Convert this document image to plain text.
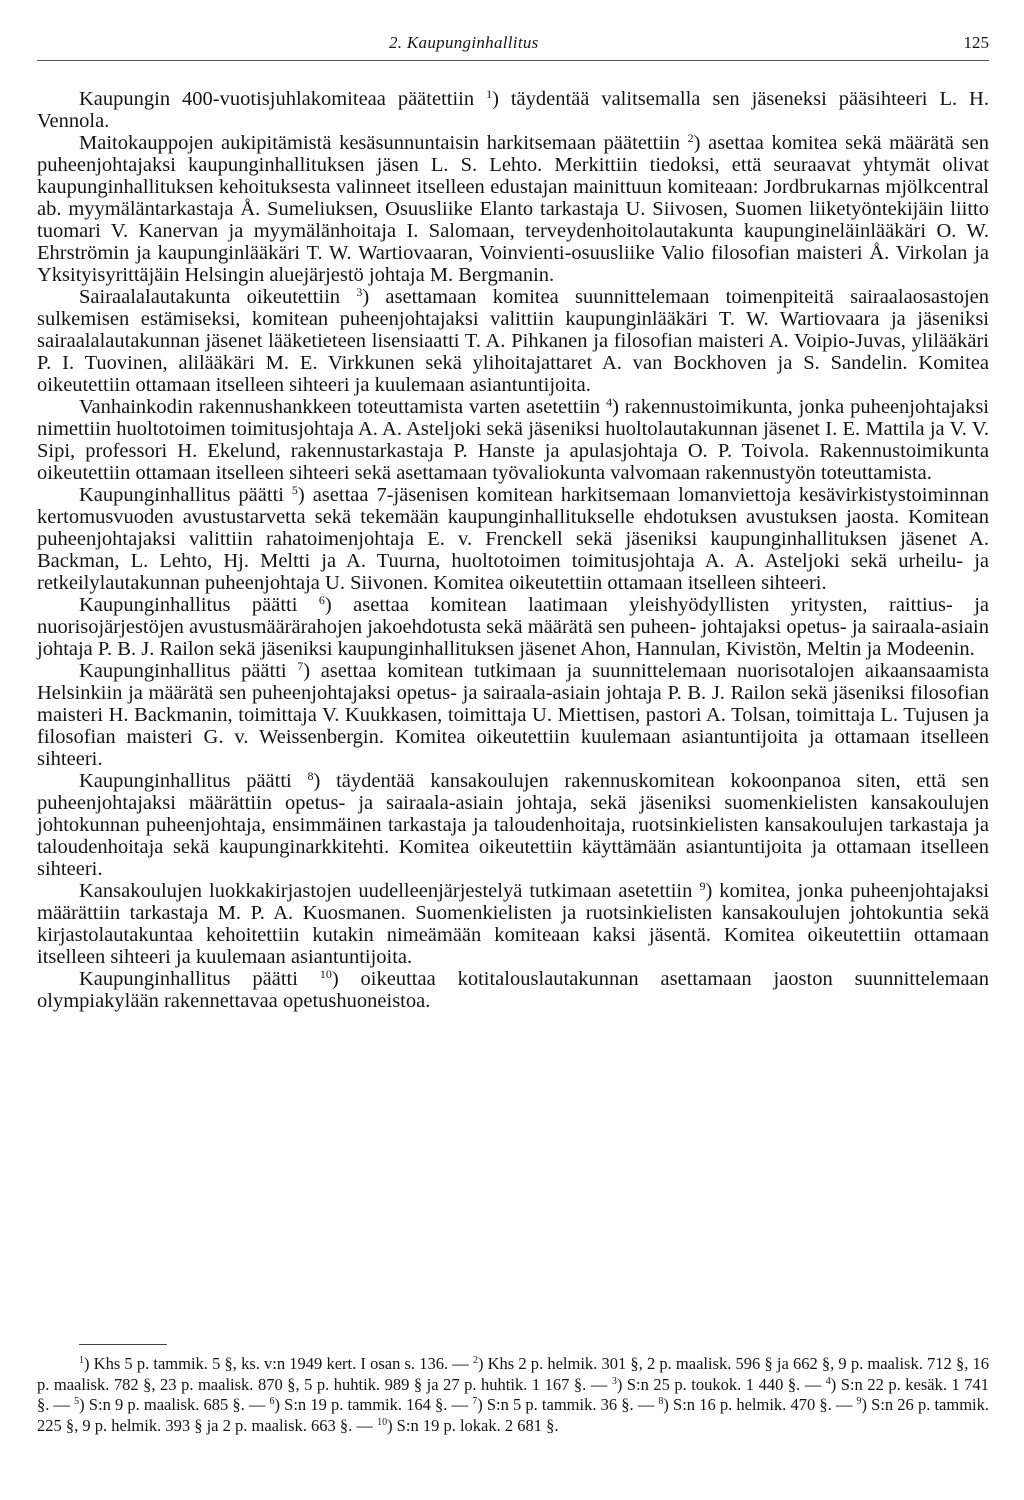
2. Kaupunginhallitus	125

Kaupungin 400-vuotisjuhlakomiteaa päätettiin $^1$) täydentää valitsemalla sen jäseneksi pääsihteeri L. H. Vennola.

Maitokauppojen aukipitämistä kesäsunnuntaisin harkitsemaan päätettiin $^2$) asettaa komitea sekä määrätä sen puheenjohtajaksi kaupunginhallituksen jäsen L. S. Lehto. Merkittiin tiedoksi, että seuraavat yhtymät olivat kaupunginhallituksen kehoituksesta valinneet itselleen edustajan mainittuun komiteaan: Jordbrukarnas mjölkcentral ab. myymäläntarkastaja Å. Sumeliuksen, Osuusliike Elanto tarkastaja U. Siivosen, Suomen liiketyöntekijäin liitto tuomari V. Kanervan ja myymälänhoitaja I. Salomaan, terveydenhoitolautakunta kaupungineläinlääkäri O. W. Ehrströmin ja kaupunginlääkäri T. W. Wartiovaaran, Voinvienti-osuusliike Valio filosofian maisteri Å. Virkolan ja Yksityisyrittäjäin Helsingin aluejärjestö johtaja M. Bergmanin.

Sairaalalautakunta oikeutettiin $^3$) asettamaan komitea suunnittelemaan toimenpiteitä sairaalaosastojen sulkemisen estämiseksi, komitean puheenjohtajaksi valittiin kaupunginlääkäri T. W. Wartiovaara ja jäseniksi sairaalalautakunnan jäsenet lääketieteen lisensiaatti T. A. Pihkanen ja filosofian maisteri A. Voipio-Juvas, ylilääkäri P. I. Tuovinen, alilääkäri M. E. Virkkunen sekä ylihoitajattaret A. van Bockhoven ja S. Sandelin. Komitea oikeutettiin ottamaan itselleen sihteeri ja kuulemaan asiantuntijoita.

Vanhainkodin rakennushankkeen toteuttamista varten asetettiin $^4$) rakennustoimikunta, jonka puheenjohtajaksi nimettiin huoltotoimen toimitusjohtaja A. A. Asteljoki sekä jäseniksi huoltolautakunnan jäsenet I. E. Mattila ja V. V. Sipi, professori H. Ekelund, rakennustarkastaja P. Hanste ja apulasjohtaja O. P. Toivola. Rakennustoimikunta oikeutettiin ottamaan itselleen sihteeri sekä asettamaan työvaliokunta valvomaan rakennustyön toteuttamista.

Kaupunginhallitus päätti $^5$) asettaa 7-jäsenisen komitean harkitsemaan lomanviettoja kesävirkistystoiminnan kertomusvuoden avustustarvetta sekä tekemään kaupunginhallitukselle ehdotuksen avustuksen jaosta. Komitean puheenjohtajaksi valittiin rahatoimenjohtaja E. v. Frenckell sekä jäseniksi kaupunginhallituksen jäsenet A. Backman, L. Lehto, Hj. Meltti ja A. Tuurna, huoltotoimen toimitusjohtaja A. A. Asteljoki sekä urheilu- ja retkeilylautakunnan puheenjohtaja U. Siivonen. Komitea oikeutettiin ottamaan itselleen sihteeri.

Kaupunginhallitus päätti $^6$) asettaa komitean laatimaan yleishyödyllisten yritysten, raittius- ja nuorisojärjestöjen avustusmäärärahojen jakoehdotusta sekä määrätä sen puheen- johtajaksi opetus- ja sairaala-asiain johtaja P. B. J. Railon sekä jäseniksi kaupunginhallituksen jäsenet Ahon, Hannulan, Kivistön, Meltin ja Modeenin.

Kaupunginhallitus päätti $^7$) asettaa komitean tutkimaan ja suunnittelemaan nuorisotalojen aikaansaamista Helsinkiin ja määrätä sen puheenjohtajaksi opetus- ja sairaala-asiain johtaja P. B. J. Railon sekä jäseniksi filosofian maisteri H. Backmanin, toimittaja V. Kuukkasen, toimittaja U. Miettisen, pastori A. Tolsan, toimittaja L. Tujusen ja filosofian maisteri G. v. Weissenbergin. Komitea oikeutettiin kuulemaan asiantuntijoita ja ottamaan itselleen sihteeri.

Kaupunginhallitus päätti $^8$) täydentää kansakoulujen rakennuskomitean kokoonpanoa siten, että sen puheenjohtajaksi määrättiin opetus- ja sairaala-asiain johtaja, sekä jäseniksi suomenkielisten kansakoulujen johtokunnan puheenjohtaja, ensimmäinen tarkastaja ja taloudenhoitaja, ruotsinkielisten kansakoulujen tarkastaja ja taloudenhoitaja sekä kaupunginarkkitehti. Komitea oikeutettiin käyttämään asiantuntijoita ja ottamaan itselleen sihteeri.

Kansakoulujen luokkakirjastojen uudelleenjärjestelyä tutkimaan asetettiin $^9$) komitea, jonka puheenjohtajaksi määrättiin tarkastaja M. P. A. Kuosmanen. Suomenkielisten ja ruotsinkielisten kansakoulujen johtokuntia sekä kirjastolautakuntaa kehoitettiin kutakin nimeämään komiteaan kaksi jäsentä. Komitea oikeutettiin ottamaan itselleen sihteeri ja kuulemaan asiantuntijoita.

Kaupunginhallitus päätti $^{10}$) oikeuttaa kotitalouslautakunnan asettamaan jaoston suunnittelemaan olympiakylään rakennettavaa opetushuoneistoa.

$^1$) Khs 5 p. tammik. 5 §, ks. v:n 1949 kert. I osan s. 136. — $^2$) Khs 2 p. helmik. 301 §, 2 p. maalisk. 596 § ja 662 §, 9 p. maalisk. 712 §, 16 p. maalisk. 782 §, 23 p. maalisk. 870 §, 5 p. huhtik. 989 § ja 27 p. huhtik. 1 167 §. — $^3$) S:n 25 p. toukok. 1 440 §. — $^4$) S:n 22 p. kesäk. 1 741 §. — $^5$) S:n 9 p. maalisk. 685 §. — $^6$) S:n 19 p. tammik. 164 §. — $^7$) S:n 5 p. tammik. 36 §. — $^8$) S:n 16 p. helmik. 470 §. — $^9$) S:n 26 p. tammik. 225 §, 9 p. helmik. 393 § ja 2 p. maalisk. 663 §. — $^{10}$) S:n 19 p. lokak. 2 681 §.
